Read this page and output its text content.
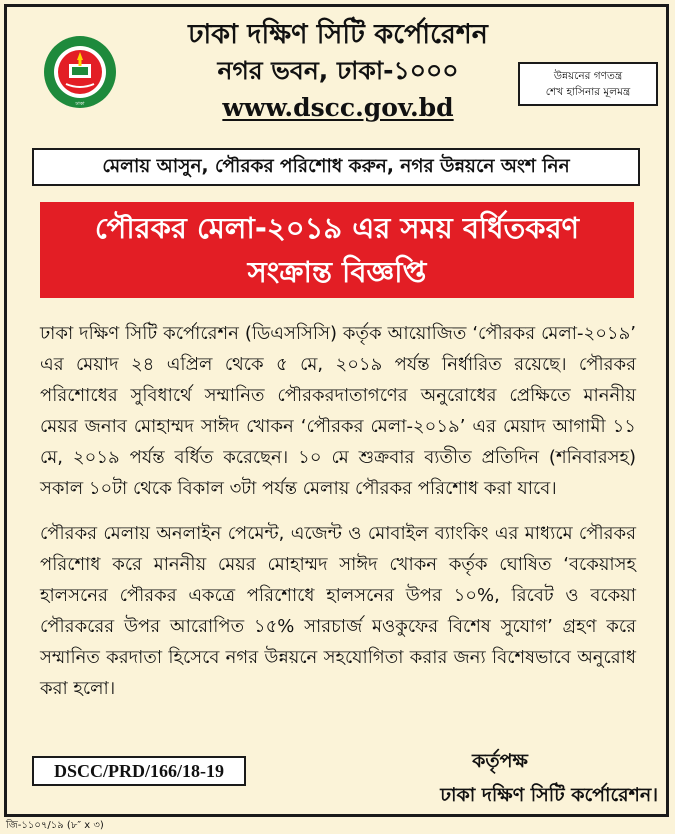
ঢাকা
ঢাকা দক্ষিণ সিটি কর্পোরেশন
নগর ভবন, ঢাকা-১০০০
www.dscc.gov.bd
উন্নয়নের গণতন্ত্র
শেখ হাসিনার মূলমন্ত্র
মেলায় আসুন, পৌরকর পরিশোধ করুন, নগর উন্নয়নে অংশ নিন
পৌরকর মেলা-২০১৯ এর সময় বর্ধিতকরণ
সংক্রান্ত বিজ্ঞপ্তি

ঢাকা দক্ষিণ সিটি কর্পোরেশন (ডিএসসিসি) কর্তৃক আয়োজিত ‘পৌরকর মেলা-২০১৯’ এর মেয়াদ ২৪ এপ্রিল থেকে ৫ মে, ২০১৯ পর্যন্ত নির্ধারিত রয়েছে। পৌরকর পরিশোধের সুবিধার্থে সম্মানিত পৌরকরদাতাগণের অনুরোধের প্রেক্ষিতে মাননীয় মেয়র জনাব মোহাম্মদ সাঈদ খোকন ‘পৌরকর মেলা-২০১৯’ এর মেয়াদ আগামী ১১ মে, ২০১৯ পর্যন্ত বর্ধিত করেছেন। ১০ মে শুক্রবার ব্যতীত প্রতিদিন (শনিবারসহ) সকাল ১০টা থেকে বিকাল ৩টা পর্যন্ত মেলায় পৌরকর পরিশোধ করা যাবে।

পৌরকর মেলায় অনলাইন পেমেন্ট, এজেন্ট ও মোবাইল ব্যাংকিং এর মাধ্যমে পৌরকর পরিশোধ করে মাননীয় মেয়র মোহাম্মদ সাঈদ খোকন কর্তৃক ঘোষিত ‘বকেয়াসহ হালসনের পৌরকর একত্রে পরিশোধে হালসনের উপর ১০%, রিবেট ও বকেয়া পৌরকরের উপর আরোপিত ১৫% সারচার্জ মওকুফের বিশেষ সুযোগ’ গ্রহণ করে সম্মানিত করদাতা হিসেবে নগর উন্নয়নে সহযোগিতা করার জন্য বিশেষভাবে অনুরোধ করা হলো।

DSCC/PRD/166/18-19	কর্তৃপক্ষ
ঢাকা দক্ষিণ সিটি কর্পোরেশন।
জি-১১০৭/১৯ (৮″ x ৩)
